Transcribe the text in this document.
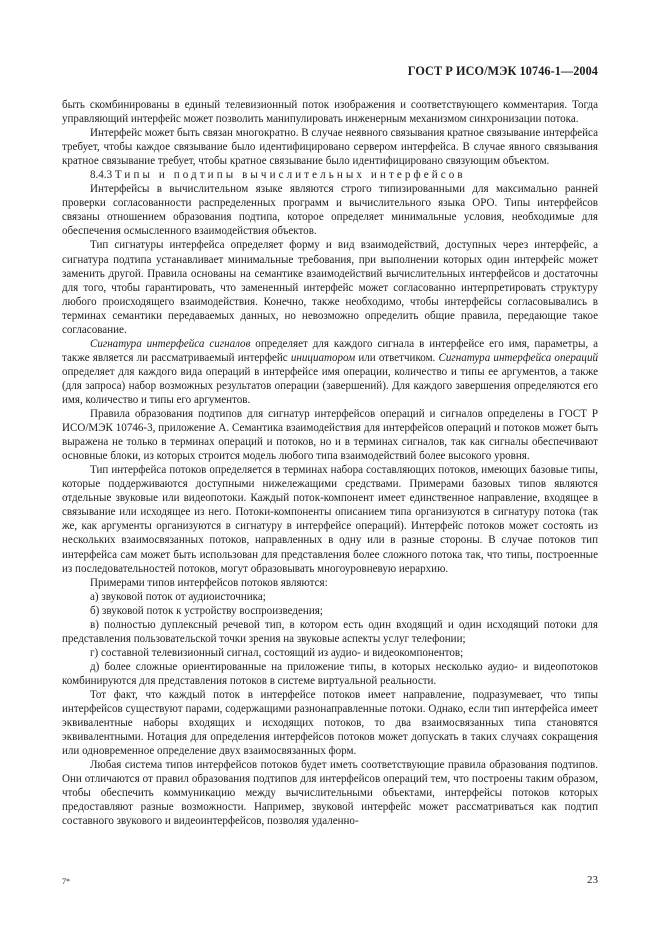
ГОСТ Р ИСО/МЭК 10746-1—2004

быть скомбинированы в единый телевизионный поток изображения и соответствующего комментария. Тогда управляющий интерфейс может позволить манипулировать инженерным механизмом синхронизации потока.

Интерфейс может быть связан многократно. В случае неявного связывания кратное связывание интерфейса требует, чтобы каждое связывание было идентифицировано сервером интерфейса. В случае явного связывания кратное связывание требует, чтобы кратное связывание было идентифицировано связующим объектом.

8.4.3 Типы и подтипы вычислительных интерфейсов

Интерфейсы в вычислительном языке являются строго типизированными для максимально ранней проверки согласованности распределенных программ и вычислительного языка ОРО. Типы интерфейсов связаны отношением образования подтипа, которое определяет минимальные условия, необходимые для обеспечения осмысленного взаимодействия объектов.

Тип сигнатуры интерфейса определяет форму и вид взаимодействий, доступных через интерфейс, а сигнатура подтипа устанавливает минимальные требования, при выполнении которых один интерфейс может заменить другой. Правила основаны на семантике взаимодействий вычислительных интерфейсов и достаточны для того, чтобы гарантировать, что замененный интерфейс может согласованно интерпретировать структуру любого происходящего взаимодействия. Конечно, также необходимо, чтобы интерфейсы согласовывались в терминах семантики передаваемых данных, но невозможно определить общие правила, передающие такое согласование.

Сигнатура интерфейса сигналов определяет для каждого сигнала в интерфейсе его имя, параметры, а также является ли рассматриваемый интерфейс инициатором или ответчиком. Сигнатура интерфейса операций определяет для каждого вида операций в интерфейсе имя операции, количество и типы ее аргументов, а также (для запроса) набор возможных результатов операции (завершений). Для каждого завершения определяются его имя, количество и типы его аргументов.

Правила образования подтипов для сигнатур интерфейсов операций и сигналов определены в ГОСТ Р ИСО/МЭК 10746-3, приложение А. Семантика взаимодействия для интерфейсов операций и потоков может быть выражена не только в терминах операций и потоков, но и в терминах сигналов, так как сигналы обеспечивают основные блоки, из которых строится модель любого типа взаимодействий более высокого уровня.

Тип интерфейса потоков определяется в терминах набора составляющих потоков, имеющих базовые типы, которые поддерживаются доступными нижележащими средствами. Примерами базовых типов являются отдельные звуковые или видеопотоки. Каждый поток-компонент имеет единственное направление, входящее в связывание или исходящее из него. Потоки-компоненты описанием типа организуются в сигнатуру потока (так же, как аргументы организуются в сигнатуру в интерфейсе операций). Интерфейс потоков может состоять из нескольких взаимосвязанных потоков, направленных в одну или в разные стороны. В случае потоков тип интерфейса сам может быть использован для представления более сложного потока так, что типы, построенные из последовательностей потоков, могут образовывать многоуровневую иерархию.

Примерами типов интерфейсов потоков являются:

а) звуковой поток от аудиоисточника;

б) звуковой поток к устройству воспроизведения;

в) полностью дуплексный речевой тип, в котором есть один входящий и один исходящий потоки для представления пользовательской точки зрения на звуковые аспекты услуг телефонии;

г) составной телевизионный сигнал, состоящий из аудио- и видеокомпонентов;

д) более сложные ориентированные на приложение типы, в которых несколько аудио- и видеопотоков комбинируются для представления потоков в системе виртуальной реальности.

Тот факт, что каждый поток в интерфейсе потоков имеет направление, подразумевает, что типы интерфейсов существуют парами, содержащими разнонаправленные потоки. Однако, если тип интерфейса имеет эквивалентные наборы входящих и исходящих потоков, то два взаимосвязанных типа становятся эквивалентными. Нотация для определения интерфейсов потоков может допускать в таких случаях сокращения или одновременное определение двух взаимосвязанных форм.

Любая система типов интерфейсов потоков будет иметь соответствующие правила образования подтипов. Они отличаются от правил образования подтипов для интерфейсов операций тем, что построены таким образом, чтобы обеспечить коммуникацию между вычислительными объектами, интерфейсы потоков которых предоставляют разные возможности. Например, звуковой интерфейс может рассматриваться как подтип составного звукового и видеоинтерфейсов, позволяя удаленно-

7*	23
